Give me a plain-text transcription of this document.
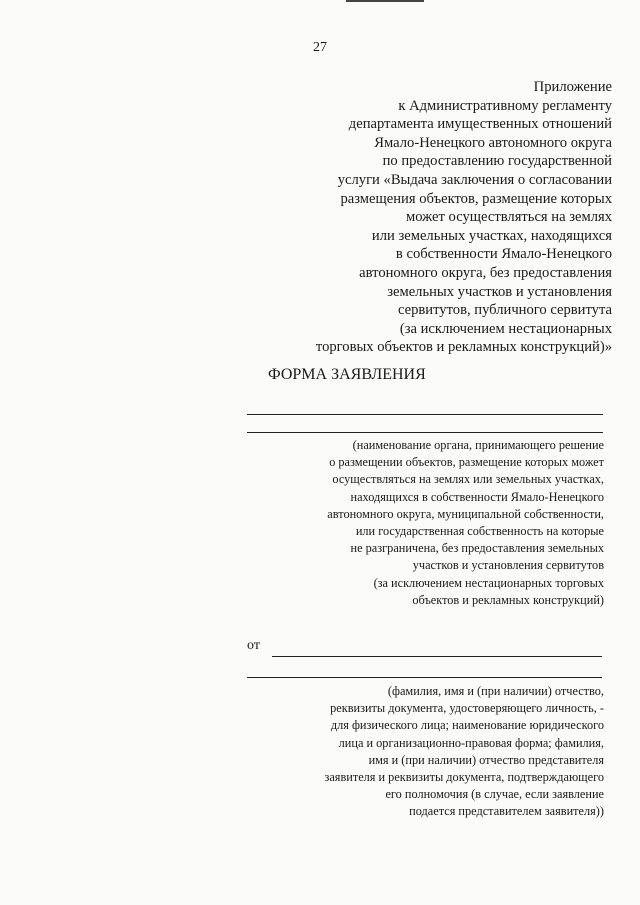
27
Приложение
к Административному регламенту
департамента имущественных отношений
Ямало-Ненецкого автономного округа
по предоставлению государственной
услуги «Выдача заключения о согласовании
размещения объектов, размещение которых
может осуществляться на землях
или земельных участках, находящихся
в собственности Ямало-Ненецкого
автономного округа, без предоставления
земельных участков и установления
сервитутов, публичного сервитута
(за исключением нестационарных
торговых объектов и рекламных конструкций)»
ФОРМА ЗАЯВЛЕНИЯ
(наименование органа, принимающего решение
о размещении объектов, размещение которых может
осуществляться на землях или земельных участках,
находящихся в собственности Ямало-Ненецкого
автономного округа, муниципальной собственности,
или государственная собственность на которые
не разграничена, без предоставления земельных
участков и установления сервитутов
(за исключением нестационарных торговых
объектов и рекламных конструкций)
от
(фамилия, имя и (при наличии) отчество,
реквизиты документа, удостоверяющего личность, -
для физического лица; наименование юридического
лица и организационно-правовая форма; фамилия,
имя и (при наличии) отчество представителя
заявителя и реквизиты документа, подтверждающего
его полномочия (в случае, если заявление
подается представителем заявителя))
